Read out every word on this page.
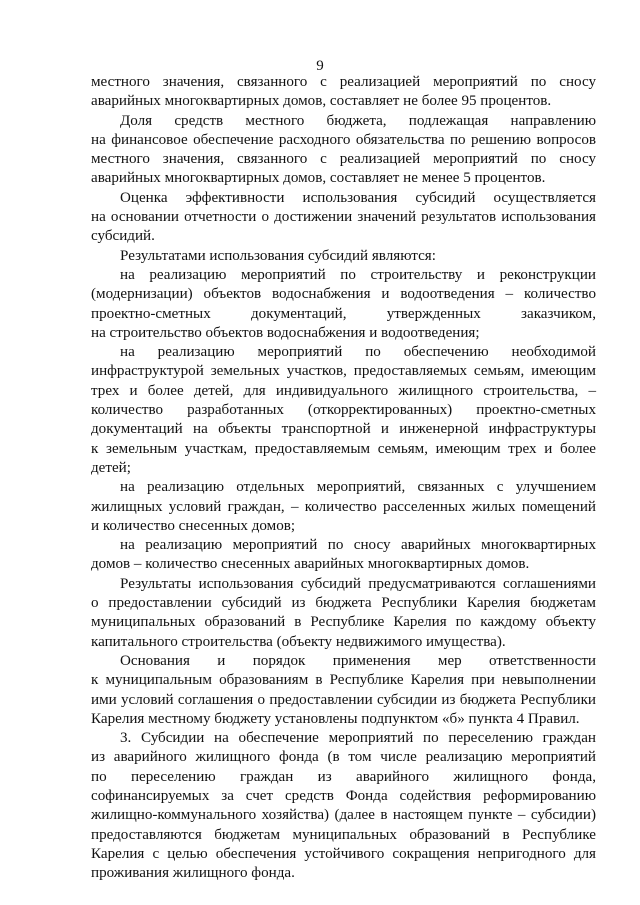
9
местного значения, связанного с реализацией мероприятий по сносу
аварийных многоквартирных домов, составляет не более 95 процентов.
Доля средств местного бюджета, подлежащая направлению
на финансовое обеспечение расходного обязательства по решению вопросов
местного значения, связанного с реализацией мероприятий по сносу
аварийных многоквартирных домов, составляет не менее 5 процентов.
Оценка эффективности использования субсидий осуществляется
на основании отчетности о достижении значений результатов использования
субсидий.
Результатами использования субсидий являются:
на реализацию мероприятий по строительству и реконструкции
(модернизации) объектов водоснабжения и водоотведения – количество
проектно-сметных документаций, утвержденных заказчиком,
на строительство объектов водоснабжения и водоотведения;
на реализацию мероприятий по обеспечению необходимой
инфраструктурой земельных участков, предоставляемых семьям, имеющим
трех и более детей, для индивидуального жилищного строительства, –
количество разработанных (откорректированных) проектно-сметных
документаций на объекты транспортной и инженерной инфраструктуры
к земельным участкам, предоставляемым семьям, имеющим трех и более
детей;
на реализацию отдельных мероприятий, связанных с улучшением
жилищных условий граждан, – количество расселенных жилых помещений
и количество снесенных домов;
на реализацию мероприятий по сносу аварийных многоквартирных
домов – количество снесенных аварийных многоквартирных домов.
Результаты использования субсидий предусматриваются соглашениями
о предоставлении субсидий из бюджета Республики Карелия бюджетам
муниципальных образований в Республике Карелия по каждому объекту
капитального строительства (объекту недвижимого имущества).
Основания и порядок применения мер ответственности
к муниципальным образованиям в Республике Карелия при невыполнении
ими условий соглашения о предоставлении субсидии из бюджета Республики
Карелия местному бюджету установлены подпунктом «б» пункта 4 Правил.
3. Субсидии на обеспечение мероприятий по переселению граждан
из аварийного жилищного фонда (в том числе реализацию мероприятий
по переселению граждан из аварийного жилищного фонда,
софинансируемых за счет средств Фонда содействия реформированию
жилищно-коммунального хозяйства) (далее в настоящем пункте – субсидии)
предоставляются бюджетам муниципальных образований в Республике
Карелия с целью обеспечения устойчивого сокращения непригодного для
проживания жилищного фонда.
